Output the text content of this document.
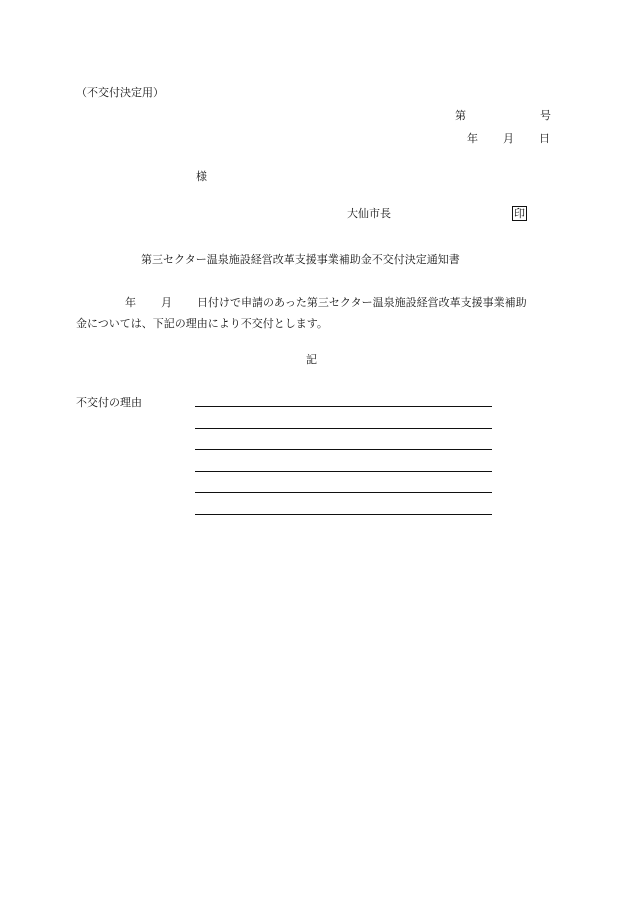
（不交付決定用）
第	号
年 月 日
様
大仙市長	印
第三セクター温泉施設経営改革支援事業補助金不交付決定通知書
年 月 日付けで申請のあった第三セクター温泉施設経営改革支援事業補助
金については、下記の理由により不交付とします。
記
不交付の理由
